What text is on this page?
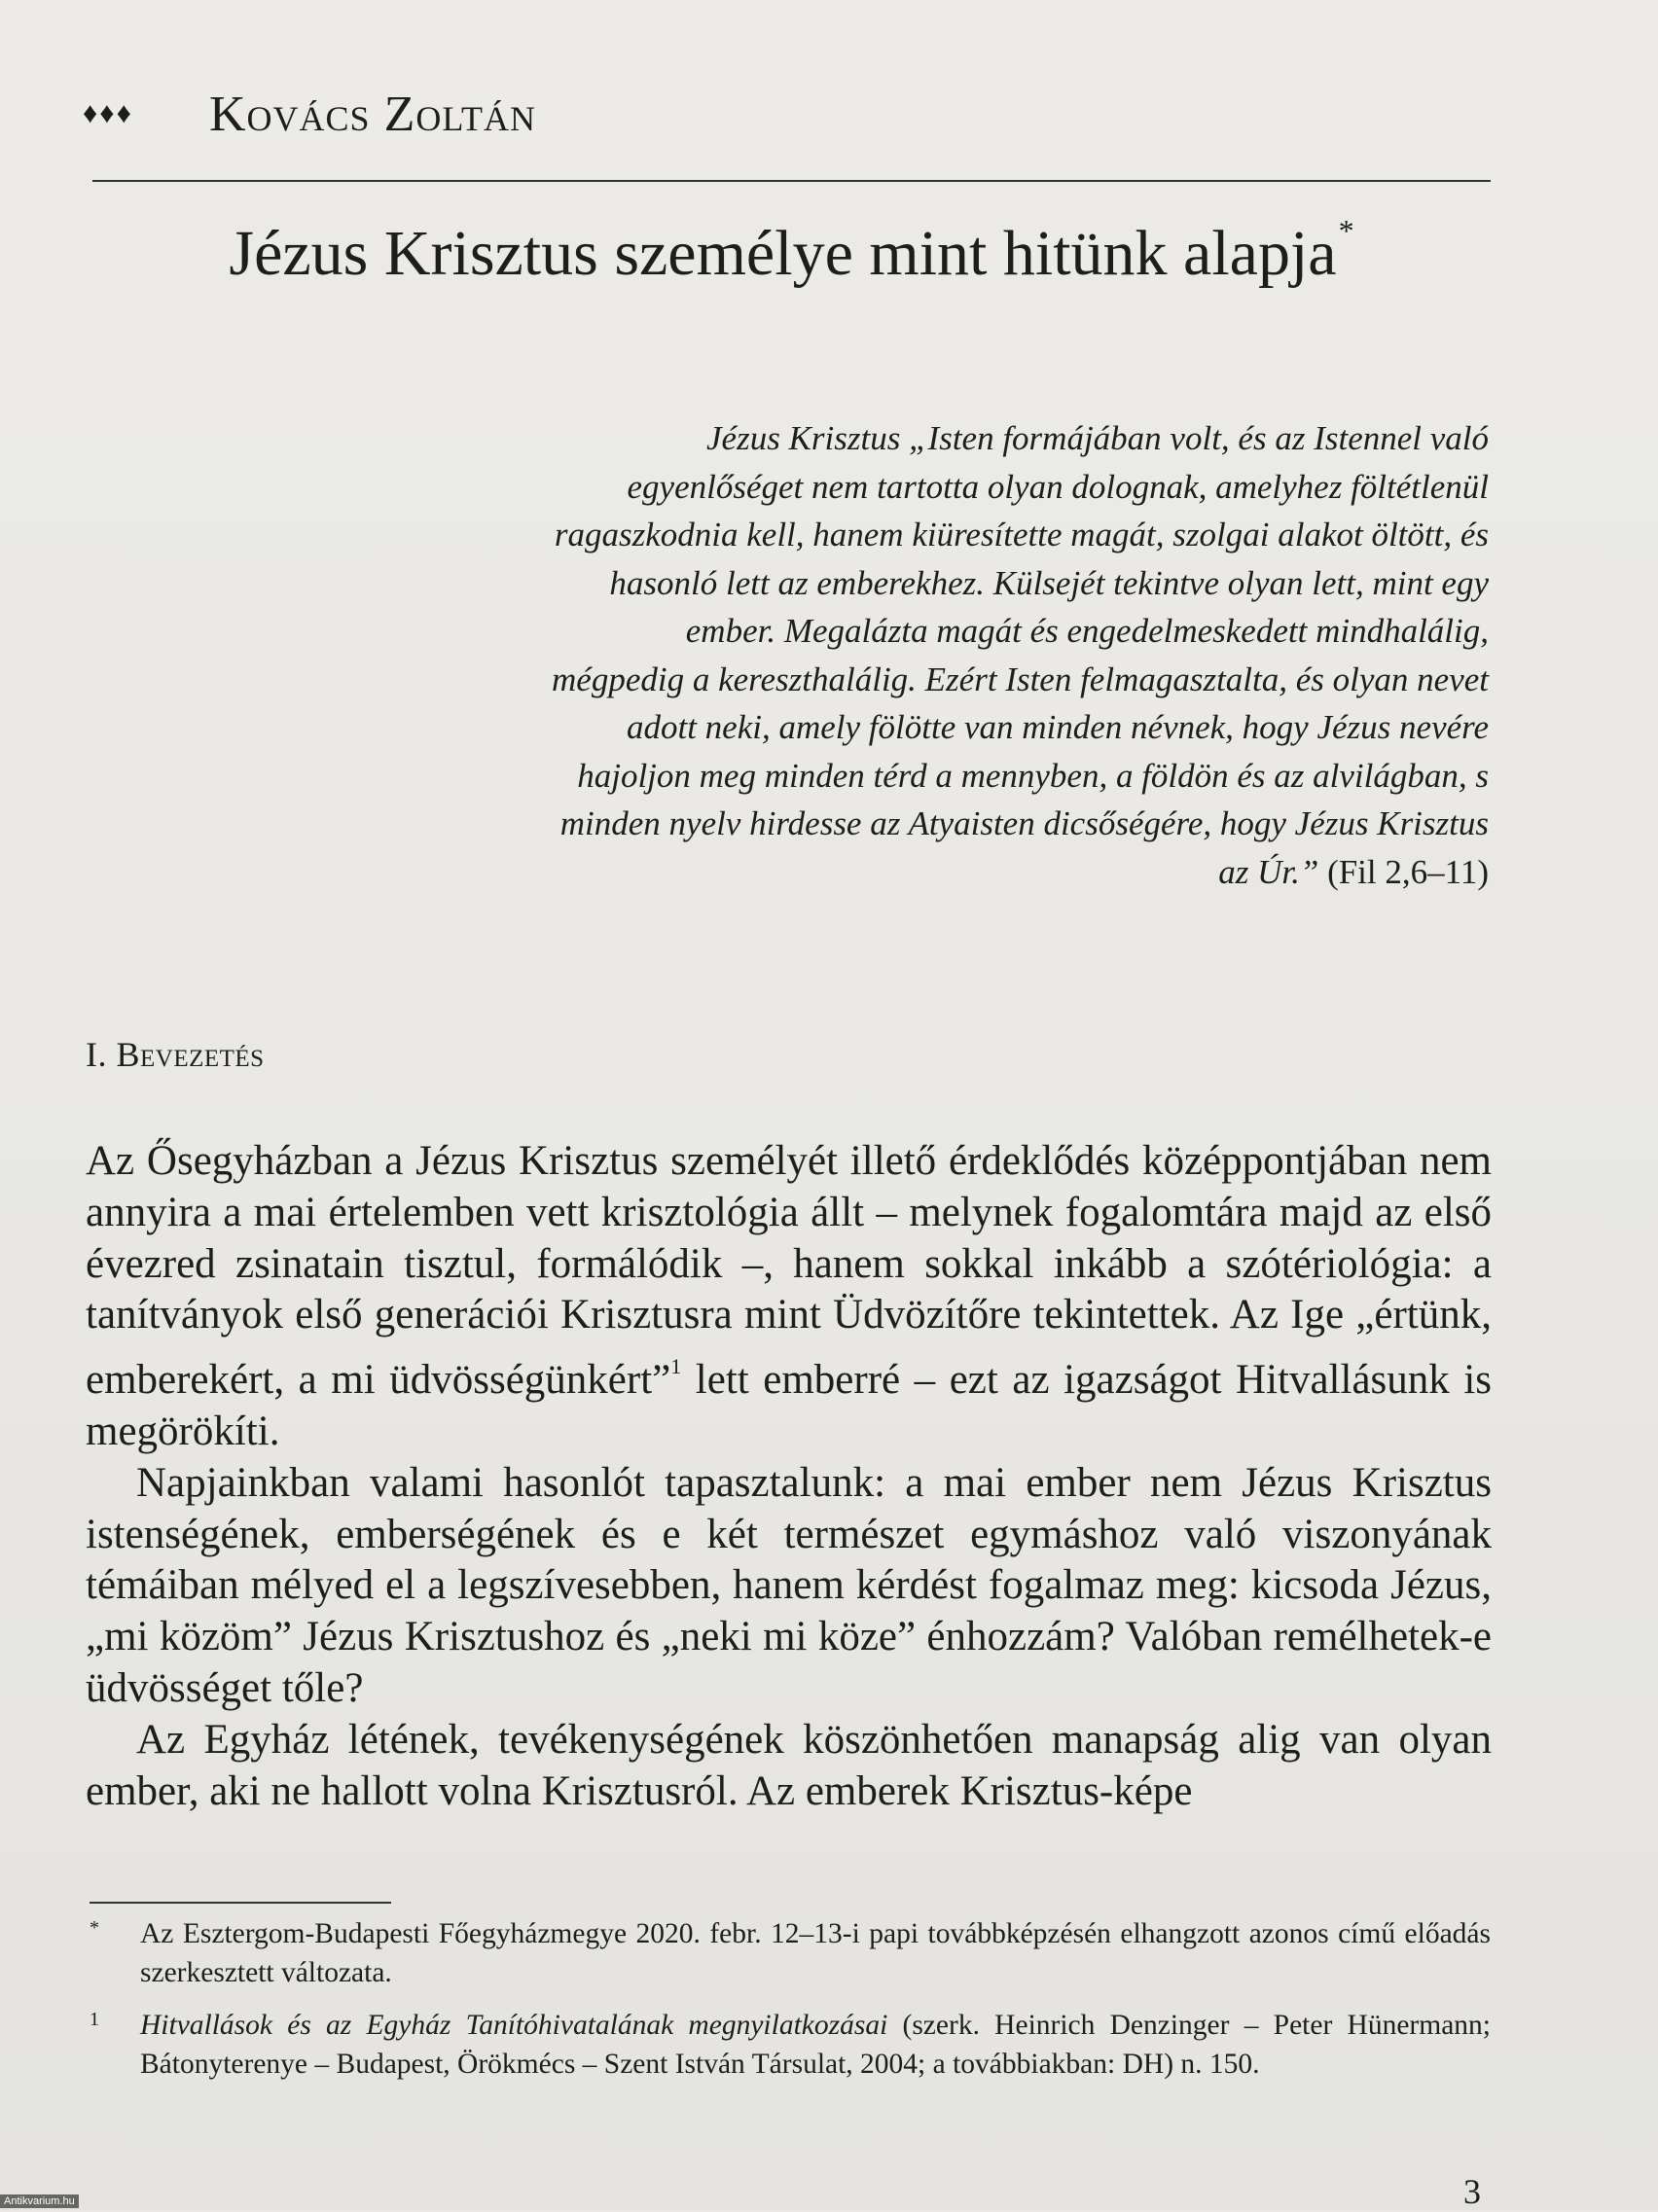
♦♦♦	Kovács Zoltán
Jézus Krisztus személye mint hitünk alapja*
Jézus Krisztus „Isten formájában volt, és az Istennel való egyenlőséget nem tartotta olyan dolognak, amelyhez föltétlenül ragaszkodnia kell, hanem kiüresítette magát, szolgai alakot öltött, és hasonló lett az emberekhez. Külsejét tekintve olyan lett, mint egy ember. Megalázta magát és engedelmeskedett mindhalálig, mégpedig a kereszthalálig. Ezért Isten felmagasztalta, és olyan nevet adott neki, amely fölötte van minden névnek, hogy Jézus nevére hajoljon meg minden térd a mennyben, a földön és az alvilágban, s minden nyelv hirdesse az Atyaisten dicsőségére, hogy Jézus Krisztus az Úr.” (Fil 2,6–11)
I. Bevezetés

Az Ősegyházban a Jézus Krisztus személyét illető érdeklődés középpontjában nem annyira a mai értelemben vett krisztológia állt – melynek fogalomtára majd az első évezred zsinatain tisztul, formálódik –, hanem sokkal inkább a szótériológia: a tanítványok első generációi Krisztusra mint Üdvözítőre tekintettek. Az Ige „értünk, emberekért, a mi üdvösségünkért”$^1$ lett emberré – ezt az igazságot Hitvallásunk is megörökíti.

Napjainkban valami hasonlót tapasztalunk: a mai ember nem Jézus Krisztus istenségének, emberségének és e két természet egymáshoz való viszonyának témáiban mélyed el a legszívesebben, hanem kérdést fogalmaz meg: kicsoda Jézus, „mi közöm” Jézus Krisztushoz és „neki mi köze” énhozzám? Valóban remélhetek-e üdvösséget tőle?

Az Egyház létének, tevékenységének köszönhetően manapság alig van olyan ember, aki ne hallott volna Krisztusról. Az emberek Krisztus-képe

* Az Esztergom-Budapesti Főegyházmegye 2020. febr. 12–13-i papi továbbképzésén elhangzott azonos című előadás szerkesztett változata.
1 Hitvallások és az Egyház Tanítóhivatalának megnyilatkozásai (szerk. Heinrich Denzinger – Peter Hünermann; Bátonyterenye – Budapest, Örökmécs – Szent István Társulat, 2004; a továbbiakban: DH) n. 150.
3
Antikvarium.hu
